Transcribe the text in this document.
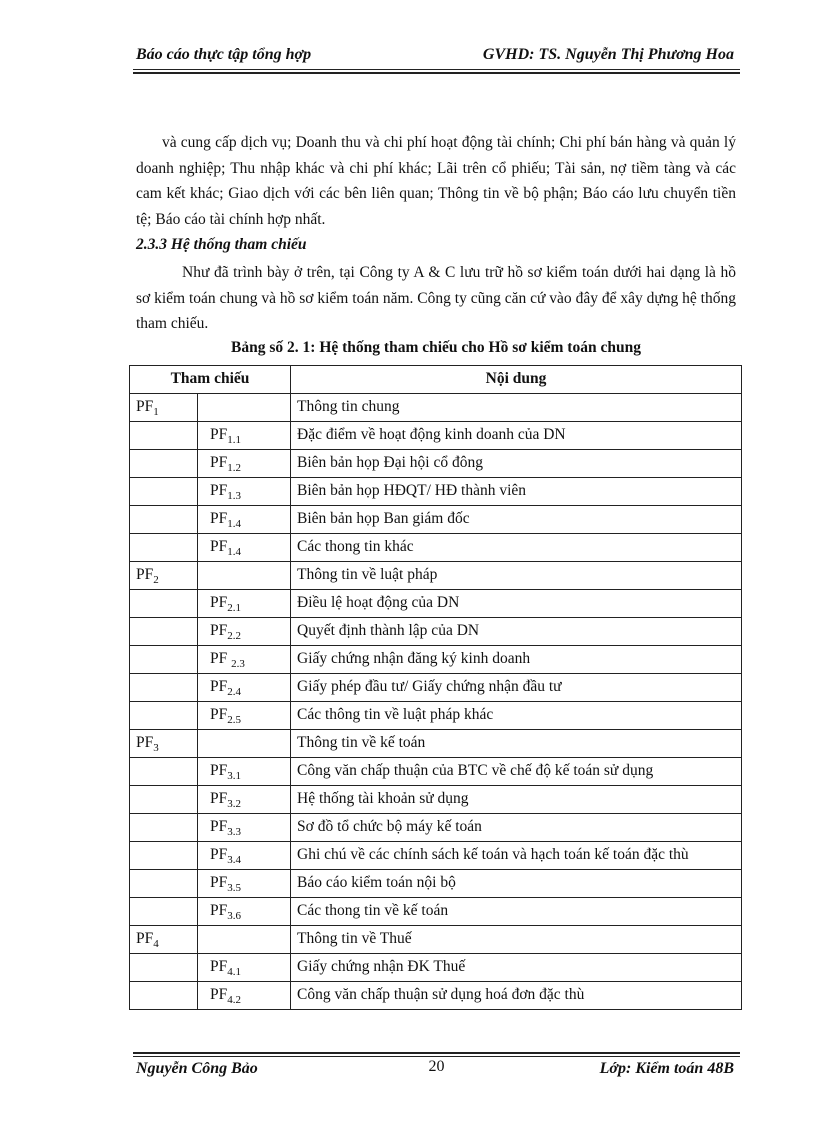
Báo cáo thực tập tổng hợp	GVHD: TS. Nguyễn Thị Phương Hoa

và cung cấp dịch vụ; Doanh thu và chi phí hoạt động tài chính; Chi phí bán hàng và quản lý doanh nghiệp; Thu nhập khác và chi phí khác; Lãi trên cổ phiếu; Tài sản, nợ tiềm tàng và các cam kết khác; Giao dịch với các bên liên quan; Thông tin về bộ phận; Báo cáo lưu chuyển tiền tệ; Báo cáo tài chính hợp nhất.

2.3.3 Hệ thống tham chiếu

Như đã trình bày ở trên, tại Công ty A & C lưu trữ hồ sơ kiểm toán dưới hai dạng là hồ sơ kiểm toán chung và hồ sơ kiểm toán năm. Công ty cũng căn cứ vào đây để xây dựng hệ thống tham chiếu.

Bảng số 2. 1: Hệ thống tham chiếu cho Hồ sơ kiểm toán chung
Tham chiếu		Nội dung
$PF_1$		Thông tin chung
	$PF_{1.1}$	Đặc điểm về hoạt động kinh doanh của DN
	$PF_{1.2}$	Biên bản họp Đại hội cổ đông
	$PF_{1.3}$	Biên bản họp HĐQT/ HĐ thành viên
	$PF_{1.4}$	Biên bản họp Ban giám đốc
	$PF_{1.4}$	Các thong tin khác
$PF_2$		Thông tin về luật pháp
	$PF_{2.1}$	Điều lệ hoạt động của DN
	$PF_{2.2}$	Quyết định thành lập của DN
	PF $_{2.3}$	Giấy chứng nhận đăng ký kinh doanh
	$PF_{2.4}$	Giấy phép đầu tư/ Giấy chứng nhận đầu tư
	$PF_{2.5}$	Các thông tin về luật pháp khác
$PF_3$		Thông tin về kế toán
	$PF_{3.1}$	Công văn chấp thuận của BTC về chế độ kế toán sử dụng
	$PF_{3.2}$	Hệ thống tài khoản sử dụng
	$PF_{3.3}$	Sơ đồ tổ chức bộ máy kế toán
	$PF_{3.4}$	Ghi chú về các chính sách kế toán và hạch toán kế toán đặc thù
	$PF_{3.5}$	Báo cáo kiểm toán nội bộ
	$PF_{3.6}$	Các thong tin về kế toán
$PF_4$		Thông tin về Thuế
	$PF_{4.1}$	Giấy chứng nhận ĐK Thuế
	$PF_{4.2}$	Công văn chấp thuận sử dụng hoá đơn đặc thù
Nguyễn Công Bảo	20	Lớp: Kiểm toán 48B
